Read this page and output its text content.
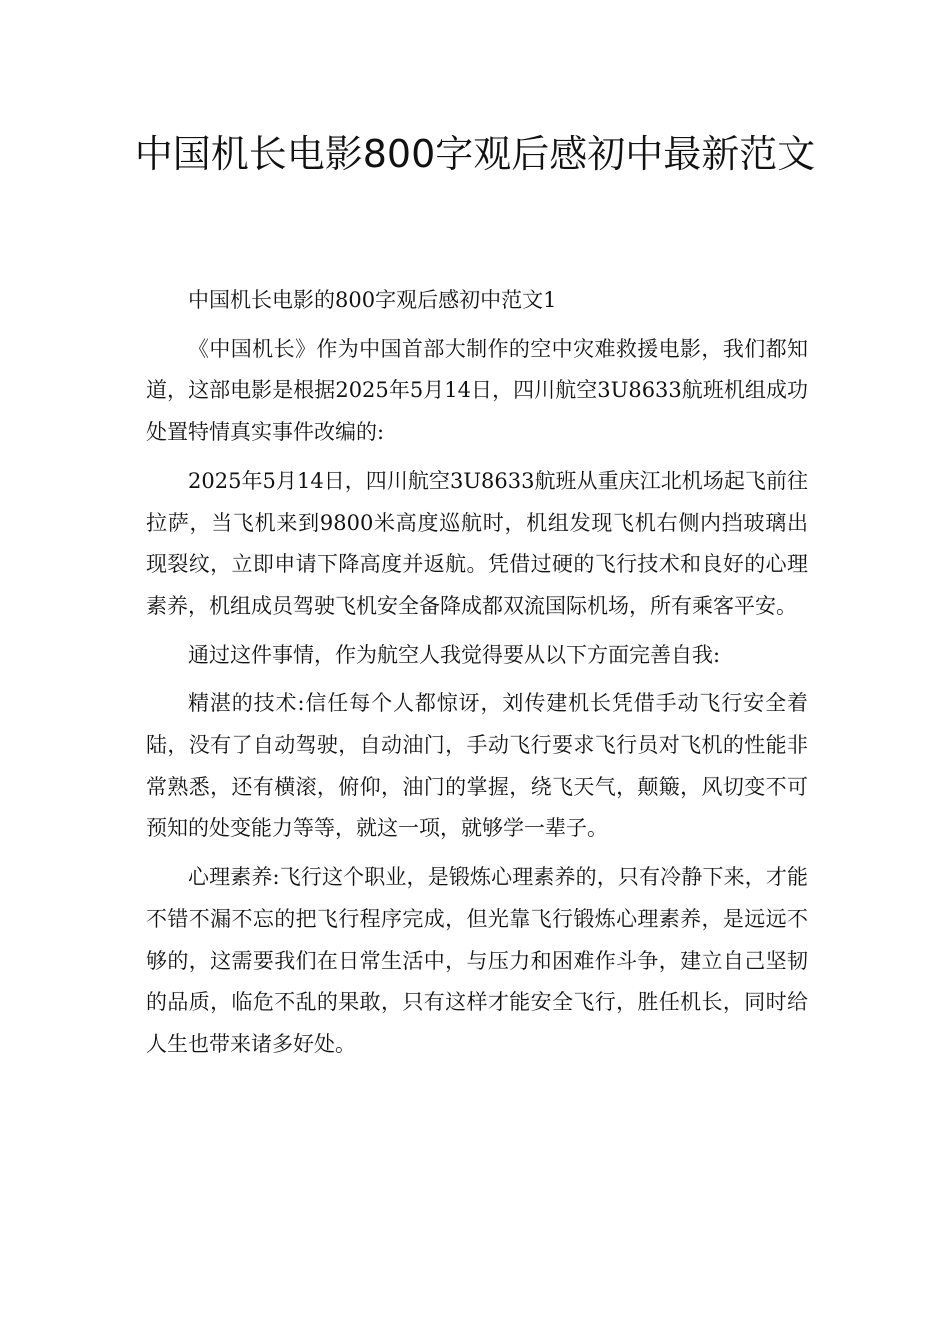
中国机长电影800字观后感初中最新范文

中国机长电影的800字观后感初中范文1

《中国机长》作为中国首部大制作的空中灾难救援电影，我们都知道，这部电影是根据2025年5月14日，四川航空3U8633航班机组成功处置特情真实事件改编的:

2025年5月14日，四川航空3U8633航班从重庆江北机场起飞前往拉萨，当飞机来到9800米高度巡航时，机组发现飞机右侧内挡玻璃出现裂纹，立即申请下降高度并返航。凭借过硬的飞行技术和良好的心理素养，机组成员驾驶飞机安全备降成都双流国际机场，所有乘客平安。

通过这件事情，作为航空人我觉得要从以下方面完善自我:

精湛的技术:信任每个人都惊讶，刘传建机长凭借手动飞行安全着陆，没有了自动驾驶，自动油门，手动飞行要求飞行员对飞机的性能非常熟悉，还有横滚，俯仰，油门的掌握，绕飞天气，颠簸，风切变不可预知的处变能力等等，就这一项，就够学一辈子。

心理素养:飞行这个职业，是锻炼心理素养的，只有冷静下来，才能不错不漏不忘的把飞行程序完成，但光靠飞行锻炼心理素养，是远远不够的，这需要我们在日常生活中，与压力和困难作斗争，建立自己坚韧的品质，临危不乱的果敢，只有这样才能安全飞行，胜任机长，同时给人生也带来诸多好处。
